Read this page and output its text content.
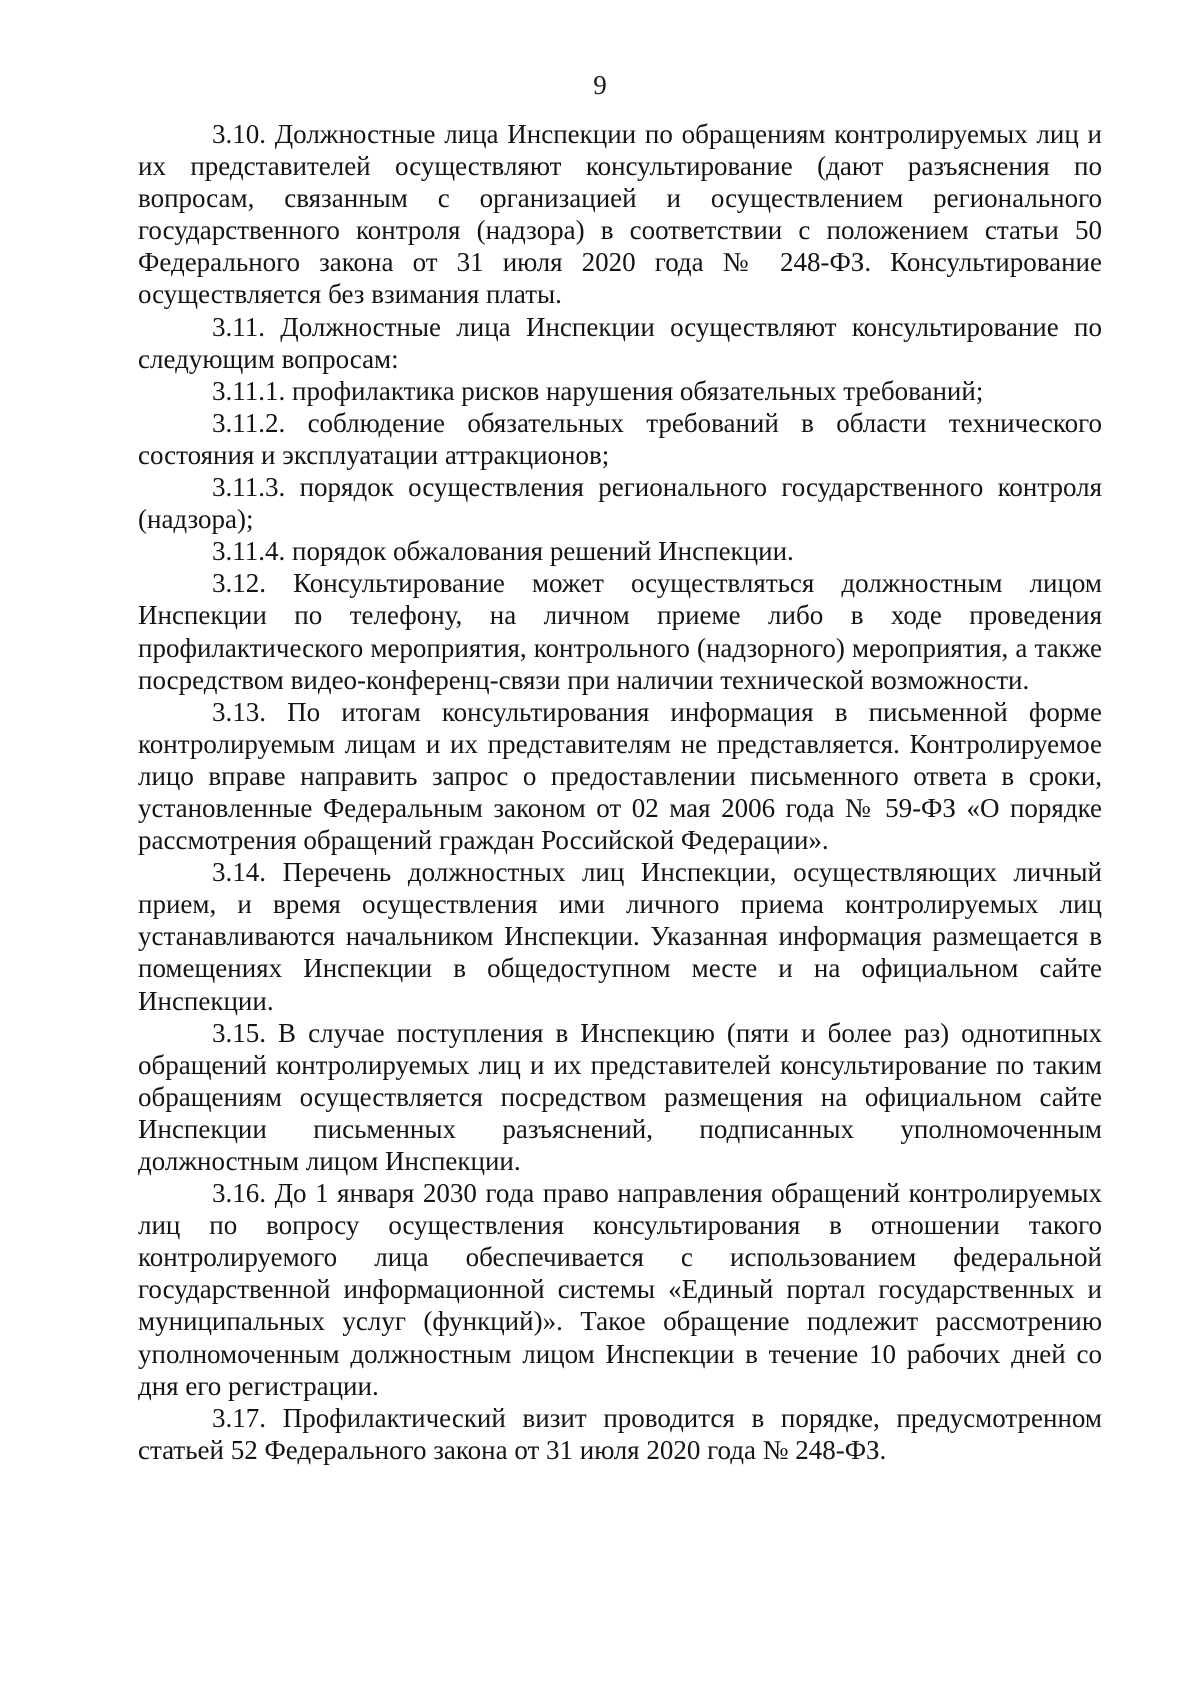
9

3.10. Должностные лица Инспекции по обращениям контролируемых лиц и их представителей осуществляют консультирование (дают разъяснения по вопросам, связанным с организацией и осуществлением регионального государственного контроля (надзора) в соответствии с положением статьи 50 Федерального закона от 31 июля 2020 года № 248-ФЗ. Консультирование осуществляется без взимания платы.

3.11. Должностные лица Инспекции осуществляют консультирование по следующим вопросам:

3.11.1. профилактика рисков нарушения обязательных требований;

3.11.2. соблюдение обязательных требований в области технического состояния и эксплуатации аттракционов;

3.11.3. порядок осуществления регионального государственного контроля (надзора);

3.11.4. порядок обжалования решений Инспекции.

3.12. Консультирование может осуществляться должностным лицом Инспекции по телефону, на личном приеме либо в ходе проведения профилактического мероприятия, контрольного (надзорного) мероприятия, а также посредством видео-конференц-связи при наличии технической возможности.

3.13. По итогам консультирования информация в письменной форме контролируемым лицам и их представителям не представляется. Контролируемое лицо вправе направить запрос о предоставлении письменного ответа в сроки, установленные Федеральным законом от 02 мая 2006 года № 59-ФЗ «О порядке рассмотрения обращений граждан Российской Федерации».

3.14. Перечень должностных лиц Инспекции, осуществляющих личный прием, и время осуществления ими личного приема контролируемых лиц устанавливаются начальником Инспекции. Указанная информация размещается в помещениях Инспекции в общедоступном месте и на официальном сайте Инспекции.

3.15. В случае поступления в Инспекцию (пяти и более раз) однотипных обращений контролируемых лиц и их представителей консультирование по таким обращениям осуществляется посредством размещения на официальном сайте Инспекции письменных разъяснений, подписанных уполномоченным должностным лицом Инспекции.

3.16. До 1 января 2030 года право направления обращений контролируемых лиц по вопросу осуществления консультирования в отношении такого контролируемого лица обеспечивается с использованием федеральной государственной информационной системы «Единый портал государственных и муниципальных услуг (функций)». Такое обращение подлежит рассмотрению уполномоченным должностным лицом Инспекции в течение 10 рабочих дней со дня его регистрации.

3.17. Профилактический визит проводится в порядке, предусмотренном статьей 52 Федерального закона от 31 июля 2020 года № 248-ФЗ.
